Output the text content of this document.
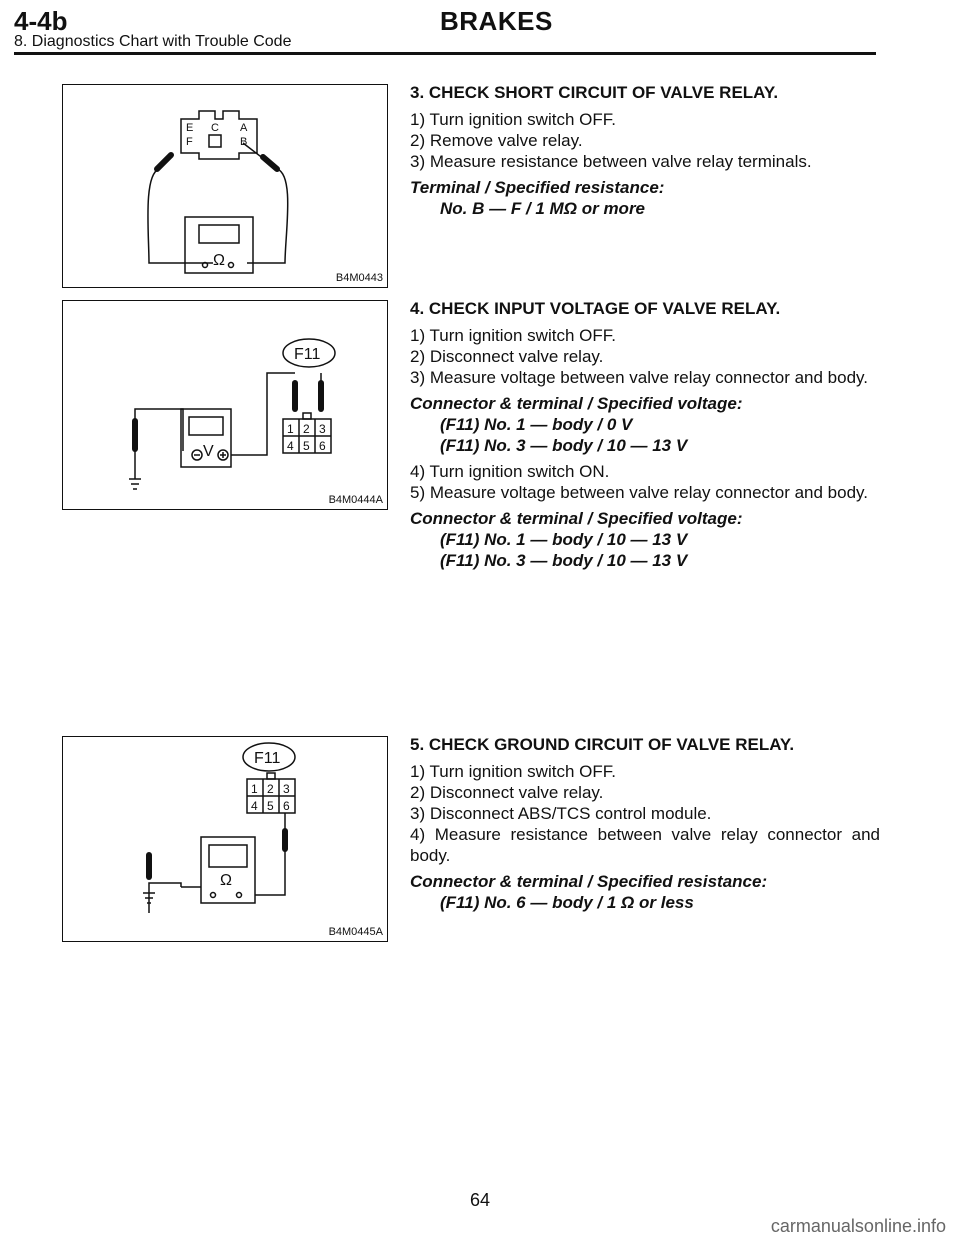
4-4b	BRAKES
8. Diagnostics Chart with Trouble Code
E
F
C A
B
Ω
B4M0443
3. CHECK SHORT CIRCUIT OF VALVE RELAY.

1) Turn ignition switch OFF.

2) Remove valve relay.

3) Measure resistance between valve relay terminals.

Terminal / Specified resistance:

No. B — F / 1 MΩ or more

F11
V
1 2 3
4 5 6
B4M0444A
4. CHECK INPUT VOLTAGE OF VALVE RELAY.

1) Turn ignition switch OFF.

2) Disconnect valve relay.

3) Measure voltage between valve relay connector and body.

Connector & terminal / Specified voltage:

(F11) No. 1 — body / 0 V

(F11) No. 3 — body / 10 — 13 V

4) Turn ignition switch ON.

5) Measure voltage between valve relay connector and body.

Connector & terminal / Specified voltage:

(F11) No. 1 — body / 10 — 13 V

(F11) No. 3 — body / 10 — 13 V

F11
Ω
1 2 3
4 5 6
B4M0445A
5. CHECK GROUND CIRCUIT OF VALVE RELAY.

1) Turn ignition switch OFF.

2) Disconnect valve relay.

3) Disconnect ABS/TCS control module.

4) Measure resistance between valve relay connector and body.

Connector & terminal / Specified resistance:

(F11) No. 6 — body / 1 Ω or less

64
carmanualsonline.info
